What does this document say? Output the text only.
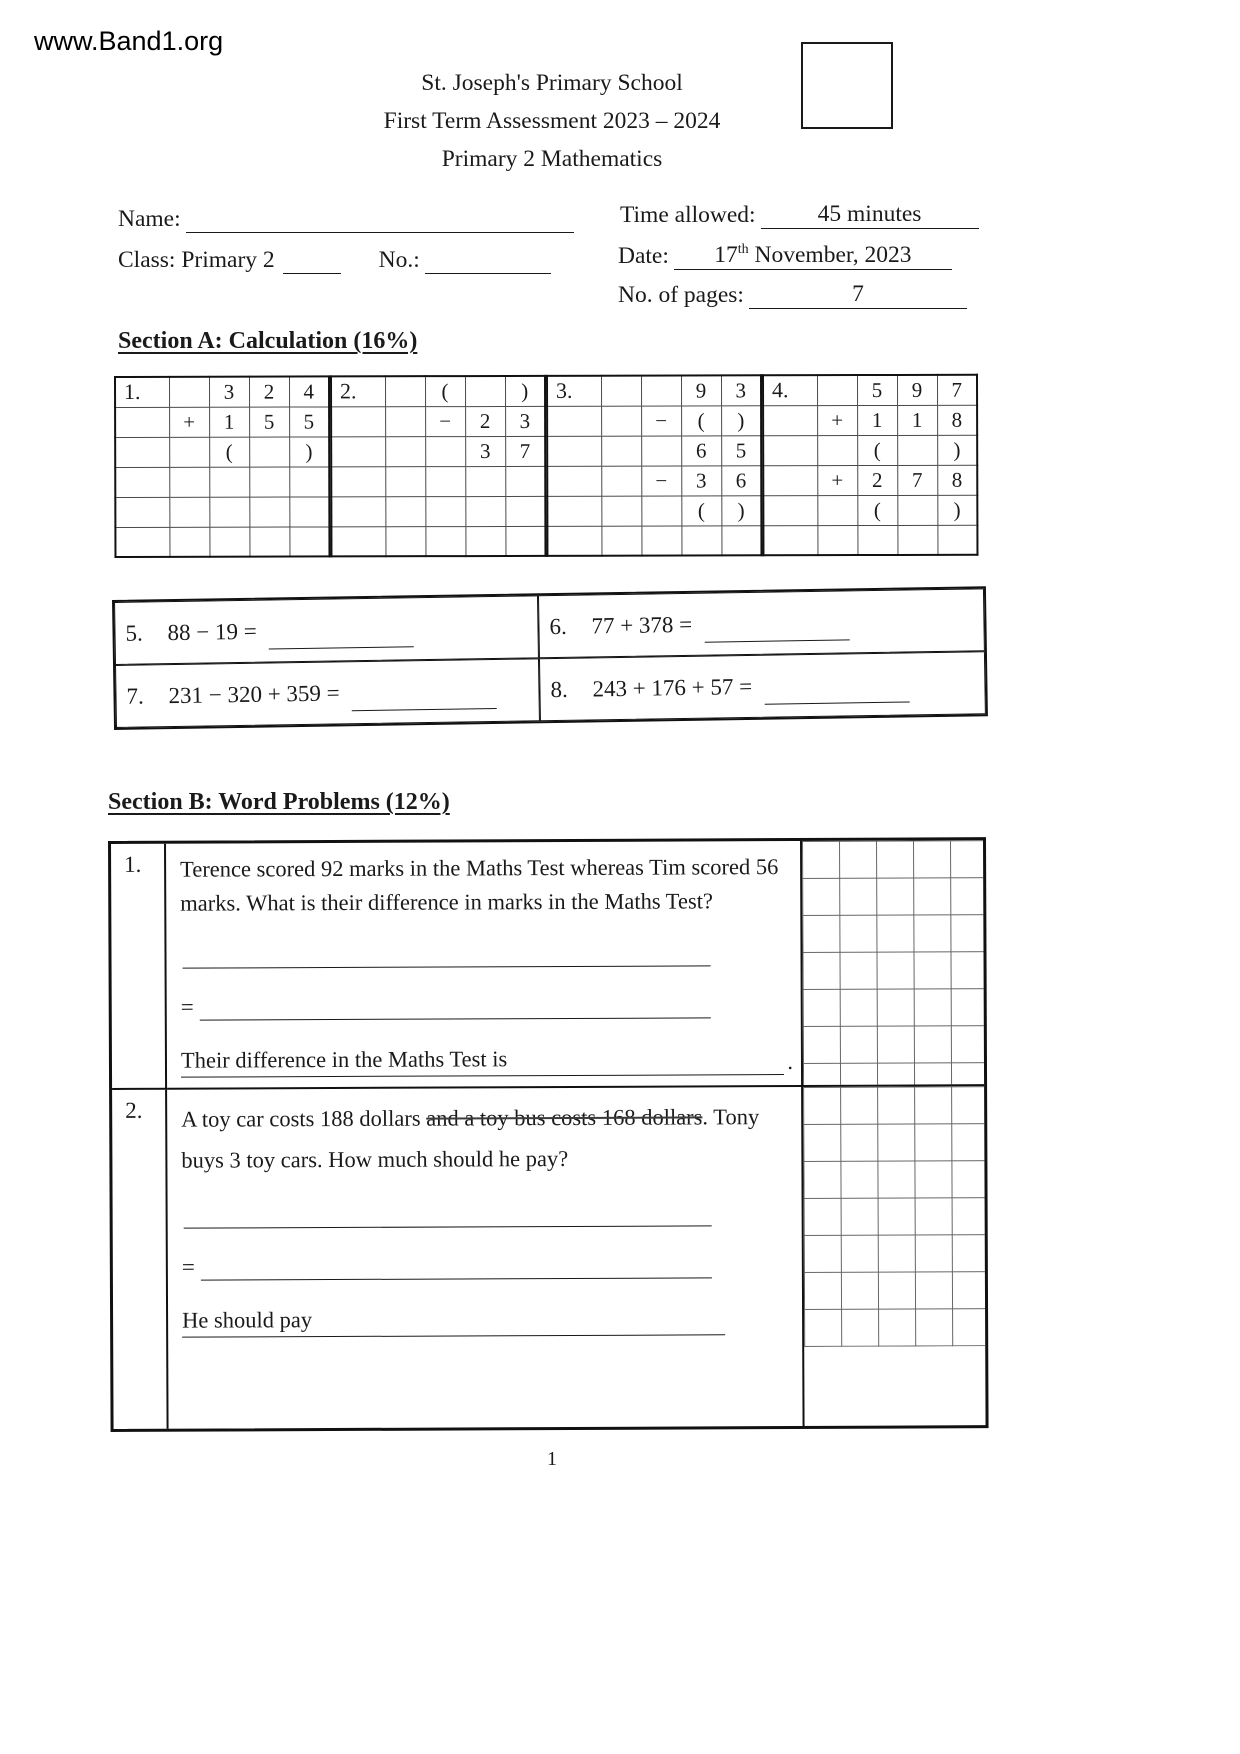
www.Band1.org
St. Joseph's Primary School
First Term Assessment 2023 – 2024
Primary 2 Mathematics
Name:	Time allowed:	45 minutes
Class: Primary 2	No.:	Date:	17th November, 2023
No. of pages:	7
Section A: Calculation (16%)
1.		3	2	4
	+	1	5	5
		(		)

2.		(		)
		−	2	3
			3	7

3.			9	3
		−	(	)
			6	5
		−	3	6
			(	)

4.		5	9	7
	+	1	1	8
		(		)
	+	2	7	8
		(		)

5.	88 − 19 =	6.	77 + 378 =
7.	231 − 320 + 359 =	8.	243 + 176 + 57 =
Section B: Word Problems (12%)
1.	Terence scored 92 marks in the Maths Test whereas Tim scored 56
marks. What is their difference in marks in the Maths Test?

=
Their difference in the Maths Test is	.
2.	A toy car costs 188 dollars and a toy bus costs 168 dollars. Tony
buys 3 toy cars. How much should he pay?

=
He should pay
1
